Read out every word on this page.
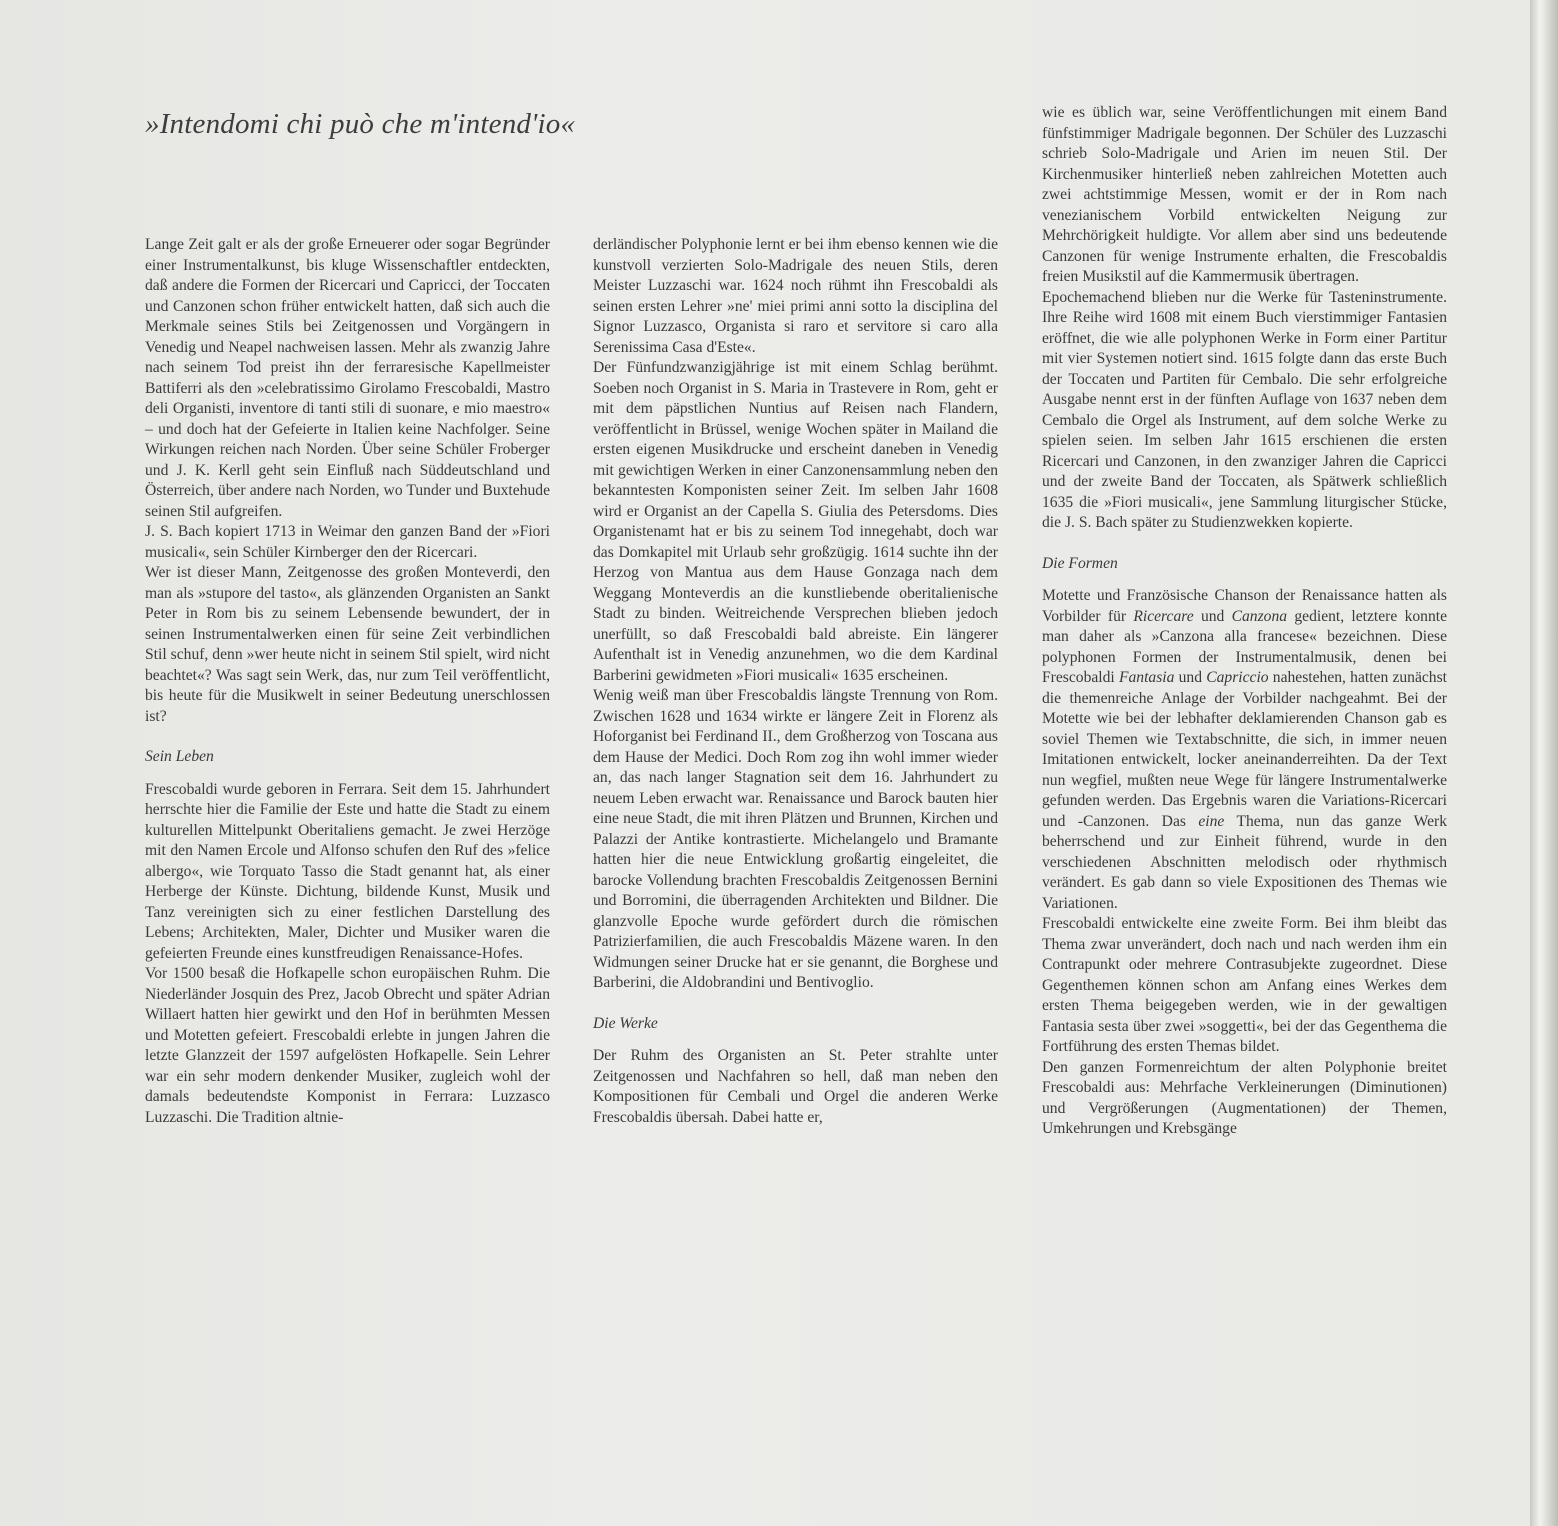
»Intendomi chi può che m'intend'io«

Lange Zeit galt er als der große Erneuerer oder sogar Begründer einer Instrumentalkunst, bis kluge Wissenschaftler entdeckten, daß andere die Formen der Ricercari und Capricci, der Toccaten und Canzonen schon früher entwickelt hatten, daß sich auch die Merkmale seines Stils bei Zeitgenossen und Vorgängern in Venedig und Neapel nachweisen lassen. Mehr als zwanzig Jahre nach seinem Tod preist ihn der ferraresische Kapellmeister Battiferri als den »celebratissimo Girolamo Frescobaldi, Mastro deli Organisti, inventore di tanti stili di suonare, e mio maestro« – und doch hat der Gefeierte in Italien keine Nachfolger. Seine Wirkungen reichen nach Norden. Über seine Schüler Froberger und J. K. Kerll geht sein Einfluß nach Süddeutschland und Österreich, über andere nach Norden, wo Tunder und Buxtehude seinen Stil aufgreifen.

J. S. Bach kopiert 1713 in Weimar den ganzen Band der »Fiori musicali«, sein Schüler Kirnberger den der Ricercari.

Wer ist dieser Mann, Zeitgenosse des großen Monteverdi, den man als »stupore del tasto«, als glänzenden Organisten an Sankt Peter in Rom bis zu seinem Lebensende bewundert, der in seinen Instrumentalwerken einen für seine Zeit verbindlichen Stil schuf, denn »wer heute nicht in seinem Stil spielt, wird nicht beachtet«? Was sagt sein Werk, das, nur zum Teil veröffentlicht, bis heute für die Musikwelt in seiner Bedeutung unerschlossen ist?

Sein Leben

Frescobaldi wurde geboren in Ferrara. Seit dem 15. Jahrhundert herrschte hier die Familie der Este und hatte die Stadt zu einem kulturellen Mittelpunkt Oberitaliens gemacht. Je zwei Herzöge mit den Namen Ercole und Alfonso schufen den Ruf des »felice albergo«, wie Torquato Tasso die Stadt genannt hat, als einer Herberge der Künste. Dichtung, bildende Kunst, Musik und Tanz vereinigten sich zu einer festlichen Darstellung des Lebens; Architekten, Maler, Dichter und Musiker waren die gefeierten Freunde eines kunstfreudigen Renaissance-Hofes.

Vor 1500 besaß die Hofkapelle schon europäischen Ruhm. Die Niederländer Josquin des Prez, Jacob Obrecht und später Adrian Willaert hatten hier gewirkt und den Hof in berühmten Messen und Motetten gefeiert. Frescobaldi erlebte in jungen Jahren die letzte Glanzzeit der 1597 aufgelösten Hofkapelle. Sein Lehrer war ein sehr modern denkender Musiker, zugleich wohl der damals bedeutendste Komponist in Ferrara: Luzzasco Luzzaschi. Die Tradition altnie-

derländischer Polyphonie lernt er bei ihm ebenso kennen wie die kunstvoll verzierten Solo-Madrigale des neuen Stils, deren Meister Luzzaschi war. 1624 noch rühmt ihn Frescobaldi als seinen ersten Lehrer »ne' miei primi anni sotto la disciplina del Signor Luzzasco, Organista si raro et servitore si caro alla Serenissima Casa d'Este«.

Der Fünfundzwanzigjährige ist mit einem Schlag berühmt. Soeben noch Organist in S. Maria in Trastevere in Rom, geht er mit dem päpstlichen Nuntius auf Reisen nach Flandern, veröffentlicht in Brüssel, wenige Wochen später in Mailand die ersten eigenen Musikdrucke und erscheint daneben in Venedig mit gewichtigen Werken in einer Canzonensammlung neben den bekanntesten Komponisten seiner Zeit. Im selben Jahr 1608 wird er Organist an der Capella S. Giulia des Petersdoms. Dies Organistenamt hat er bis zu seinem Tod innegehabt, doch war das Domkapitel mit Urlaub sehr großzügig. 1614 suchte ihn der Herzog von Mantua aus dem Hause Gonzaga nach dem Weggang Monteverdis an die kunstliebende oberitalienische Stadt zu binden. Weitreichende Versprechen blieben jedoch unerfüllt, so daß Frescobaldi bald abreiste. Ein längerer Aufenthalt ist in Venedig anzunehmen, wo die dem Kardinal Barberini gewidmeten »Fiori musicali« 1635 erscheinen.

Wenig weiß man über Frescobaldis längste Trennung von Rom. Zwischen 1628 und 1634 wirkte er längere Zeit in Florenz als Hoforganist bei Ferdinand II., dem Großherzog von Toscana aus dem Hause der Medici. Doch Rom zog ihn wohl immer wieder an, das nach langer Stagnation seit dem 16. Jahrhundert zu neuem Leben erwacht war. Renaissance und Barock bauten hier eine neue Stadt, die mit ihren Plätzen und Brunnen, Kirchen und Palazzi der Antike kontrastierte. Michelangelo und Bramante hatten hier die neue Entwicklung großartig eingeleitet, die barocke Vollendung brachten Frescobaldis Zeitgenossen Bernini und Borromini, die überragenden Architekten und Bildner. Die glanzvolle Epoche wurde gefördert durch die römischen Patrizierfamilien, die auch Frescobaldis Mäzene waren. In den Widmungen seiner Drucke hat er sie genannt, die Borghese und Barberini, die Aldobrandini und Bentivoglio.

Die Werke

Der Ruhm des Organisten an St. Peter strahlte unter Zeitgenossen und Nachfahren so hell, daß man neben den Kompositionen für Cembali und Orgel die anderen Werke Frescobaldis übersah. Dabei hatte er,

wie es üblich war, seine Veröffentlichungen mit einem Band fünfstimmiger Madrigale begonnen. Der Schüler des Luzzaschi schrieb Solo-Madrigale und Arien im neuen Stil. Der Kirchenmusiker hinterließ neben zahlreichen Motetten auch zwei achtstimmige Messen, womit er der in Rom nach venezianischem Vorbild entwickelten Neigung zur Mehrchörigkeit huldigte. Vor allem aber sind uns bedeutende Canzonen für wenige Instrumente erhalten, die Frescobaldis freien Musikstil auf die Kammermusik übertragen.

Epochemachend blieben nur die Werke für Tasteninstrumente. Ihre Reihe wird 1608 mit einem Buch vierstimmiger Fantasien eröffnet, die wie alle polyphonen Werke in Form einer Partitur mit vier Systemen notiert sind. 1615 folgte dann das erste Buch der Toccaten und Partiten für Cembalo. Die sehr erfolgreiche Ausgabe nennt erst in der fünften Auflage von 1637 neben dem Cembalo die Orgel als Instrument, auf dem solche Werke zu spielen seien. Im selben Jahr 1615 erschienen die ersten Ricercari und Canzonen, in den zwanziger Jahren die Capricci und der zweite Band der Toccaten, als Spätwerk schließlich 1635 die »Fiori musicali«, jene Sammlung liturgischer Stücke, die J. S. Bach später zu Studienzwekken kopierte.

Die Formen

Motette und Französische Chanson der Renaissance hatten als Vorbilder für Ricercare und Canzona gedient, letztere konnte man daher als »Canzona alla francese« bezeichnen. Diese polyphonen Formen der Instrumentalmusik, denen bei Frescobaldi Fantasia und Capriccio nahestehen, hatten zunächst die themenreiche Anlage der Vorbilder nachgeahmt. Bei der Motette wie bei der lebhafter deklamierenden Chanson gab es soviel Themen wie Textabschnitte, die sich, in immer neuen Imitationen entwickelt, locker aneinanderreihten. Da der Text nun wegfiel, mußten neue Wege für längere Instrumentalwerke gefunden werden. Das Ergebnis waren die Variations-Ricercari und -Canzonen. Das eine Thema, nun das ganze Werk beherrschend und zur Einheit führend, wurde in den verschiedenen Abschnitten melodisch oder rhythmisch verändert. Es gab dann so viele Expositionen des Themas wie Variationen.

Frescobaldi entwickelte eine zweite Form. Bei ihm bleibt das Thema zwar unverändert, doch nach und nach werden ihm ein Contrapunkt oder mehrere Contrasubjekte zugeordnet. Diese Gegenthemen können schon am Anfang eines Werkes dem ersten Thema beigegeben werden, wie in der gewaltigen Fantasia sesta über zwei »soggetti«, bei der das Gegenthema die Fortführung des ersten Themas bildet.

Den ganzen Formenreichtum der alten Polyphonie breitet Frescobaldi aus: Mehrfache Verkleinerungen (Diminutionen) und Vergrößerungen (Augmentationen) der Themen, Umkehrungen und Krebsgänge
